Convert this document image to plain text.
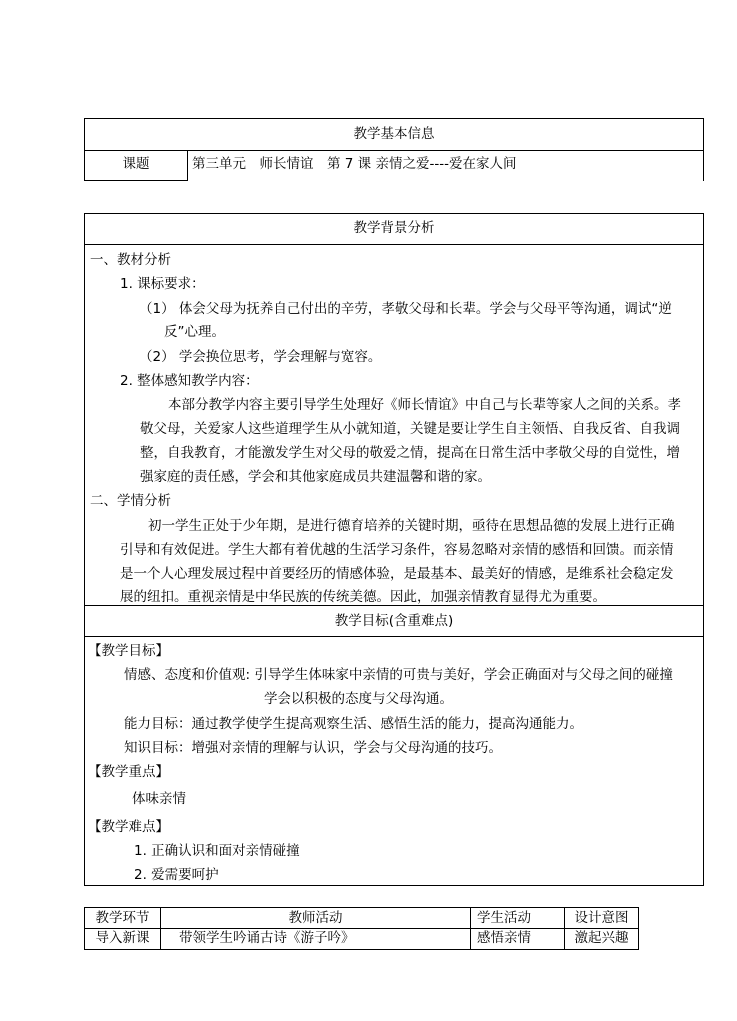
教学基本信息
课题	第三单元　师长情谊　第 7 课 亲情之爱----爱在家人间
教学背景分析
一、教材分析
1. 课标要求：
（1） 体会父母为抚养自己付出的辛劳，孝敬父母和长辈。学会与父母平等沟通，调试“逆
反”心理。
（2） 学会换位思考，学会理解与宽容。
2. 整体感知教学内容：
本部分教学内容主要引导学生处理好《师长情谊》中自己与长辈等家人之间的关系。孝
敬父母，关爱家人这些道理学生从小就知道，关键是要让学生自主领悟、自我反省、自我调
整，自我教育，才能激发学生对父母的敬爱之情，提高在日常生活中孝敬父母的自觉性，增
强家庭的责任感，学会和其他家庭成员共建温馨和谐的家。
二、学情分析
初一学生正处于少年期，是进行德育培养的关键时期，亟待在思想品德的发展上进行正确
引导和有效促进。学生大都有着优越的生活学习条件，容易忽略对亲情的感悟和回馈。而亲情
是一个人心理发展过程中首要经历的情感体验，是最基本、最美好的情感，是维系社会稳定发
展的纽扣。重视亲情是中华民族的传统美德。因此，加强亲情教育显得尤为重要。
教学目标(含重难点)
【教学目标】
情感、态度和价值观: 引导学生体味家中亲情的可贵与美好，学会正确面对与父母之间的碰撞
学会以积极的态度与父母沟通。
能力目标：通过教学使学生提高观察生活、感悟生活的能力，提高沟通能力。
知识目标：增强对亲情的理解与认识，学会与父母沟通的技巧。
【教学重点】
体味亲情
【教学难点】
1. 正确认识和面对亲情碰撞
2. 爱需要呵护
教学环节	教师活动	学生活动	设计意图
导入新课	带领学生吟诵古诗《游子吟》	感悟亲情	激起兴趣
